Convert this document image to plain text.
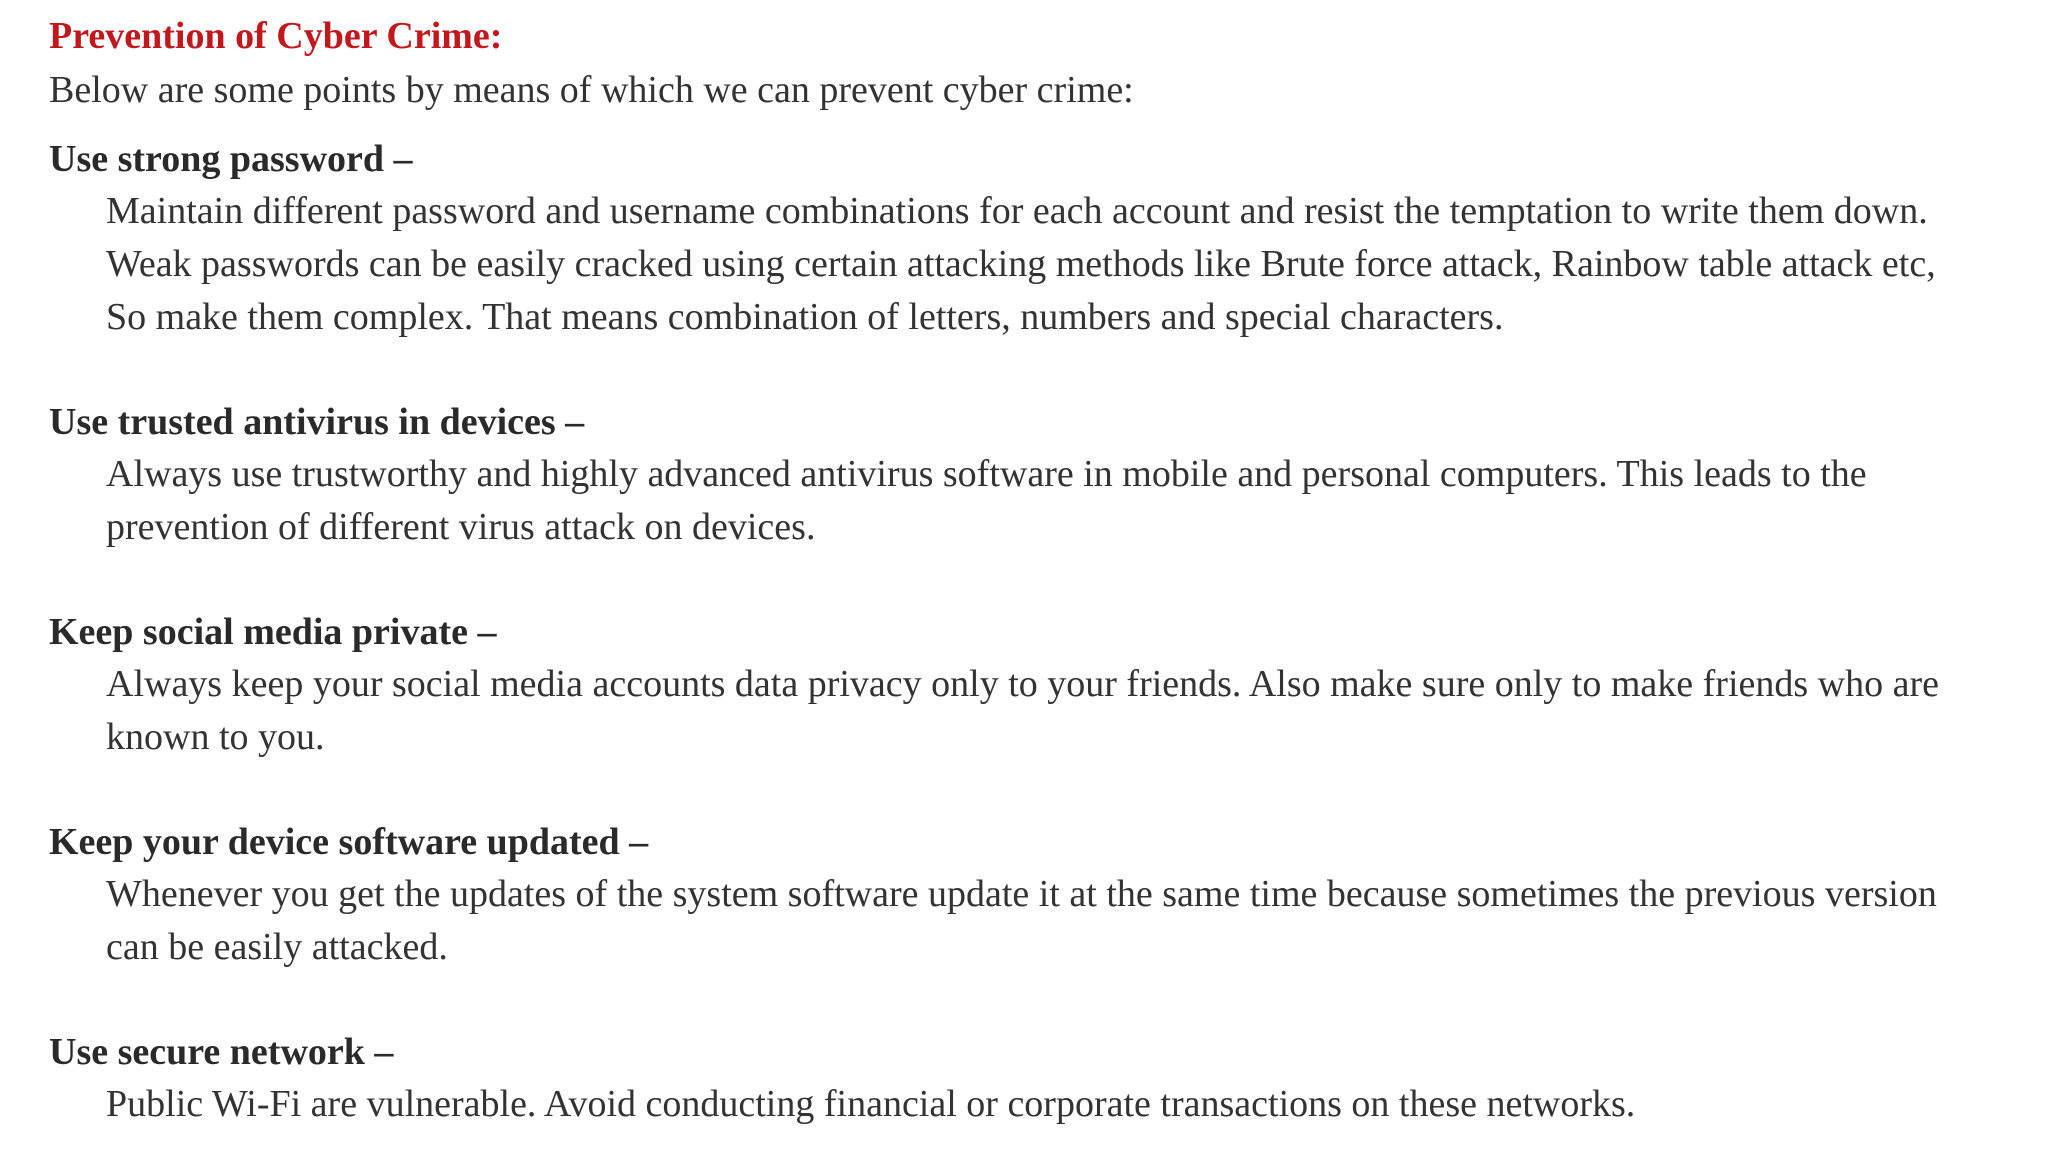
Prevention of Cyber Crime:

Below are some points by means of which we can prevent cyber crime:

Use strong password –

Maintain different password and username combinations for each account and resist the temptation to write them down.
Weak passwords can be easily cracked using certain attacking methods like Brute force attack, Rainbow table attack etc,
So make them complex. That means combination of letters, numbers and special characters.

Use trusted antivirus in devices –

Always use trustworthy and highly advanced antivirus software in mobile and personal computers. This leads to the
prevention of different virus attack on devices.

Keep social media private –

Always keep your social media accounts data privacy only to your friends. Also make sure only to make friends who are
known to you.

Keep your device software updated –

Whenever you get the updates of the system software update it at the same time because sometimes the previous version
can be easily attacked.

Use secure network –

Public Wi-Fi are vulnerable. Avoid conducting financial or corporate transactions on these networks.
